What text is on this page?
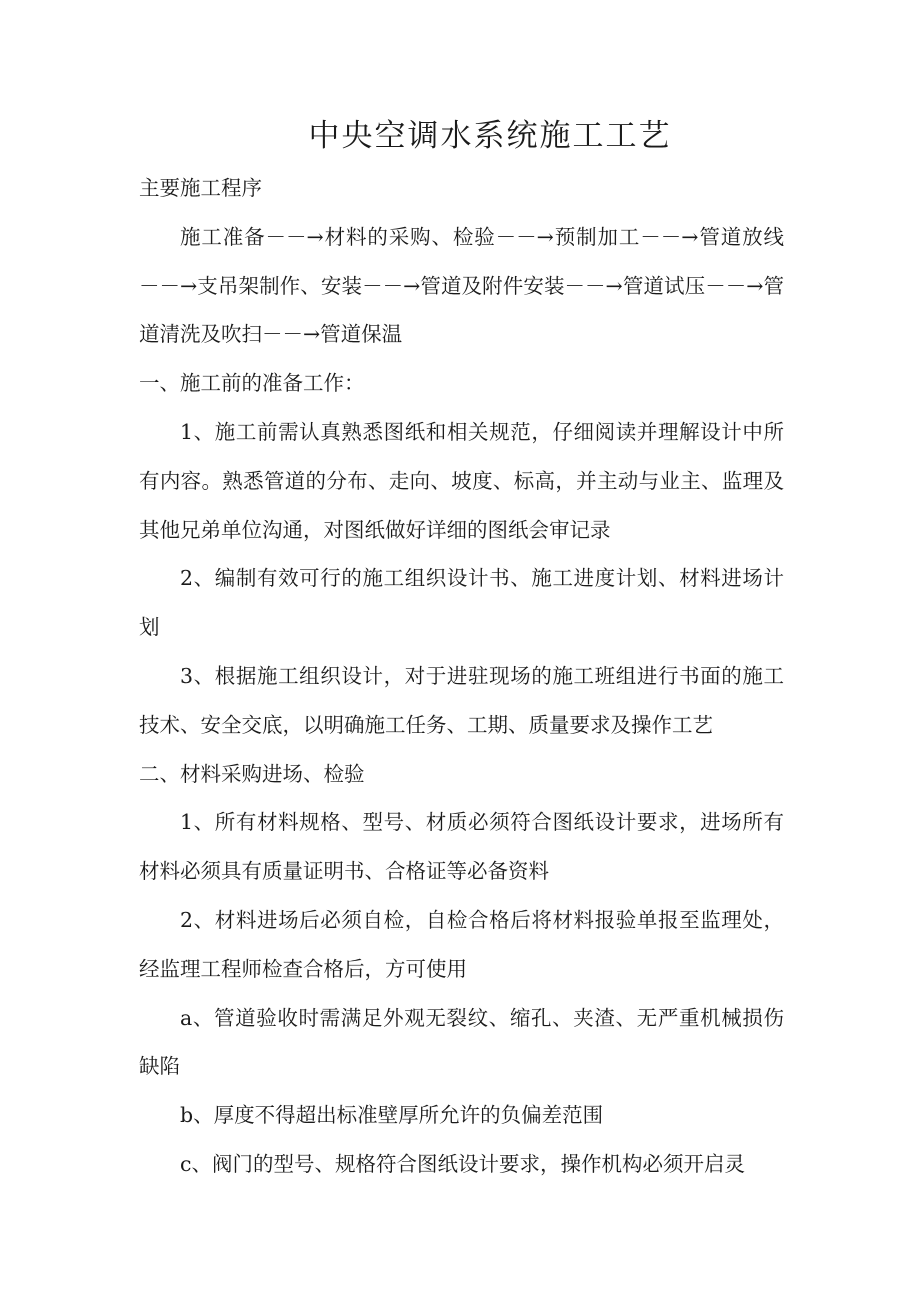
中央空调水系统施工工艺

主要施工程序

施工准备－－→材料的采购、检验－－→预制加工－－→管道放线－－→支吊架制作、安装－－→管道及附件安装－－→管道试压－－→管道清洗及吹扫－－→管道保温

一、施工前的准备工作：

1、施工前需认真熟悉图纸和相关规范，仔细阅读并理解设计中所有内容。熟悉管道的分布、走向、坡度、标高，并主动与业主、监理及其他兄弟单位沟通，对图纸做好详细的图纸会审记录

2、编制有效可行的施工组织设计书、施工进度计划、材料进场计划

3、根据施工组织设计，对于进驻现场的施工班组进行书面的施工技术、安全交底，以明确施工任务、工期、质量要求及操作工艺

二、材料采购进场、检验

1、所有材料规格、型号、材质必须符合图纸设计要求，进场所有材料必须具有质量证明书、合格证等必备资料

2、材料进场后必须自检，自检合格后将材料报验单报至监理处，经监理工程师检查合格后，方可使用

a、管道验收时需满足外观无裂纹、缩孔、夹渣、无严重机械损伤缺陷

b、厚度不得超出标准壁厚所允许的负偏差范围

c、阀门的型号、规格符合图纸设计要求，操作机构必须开启灵
